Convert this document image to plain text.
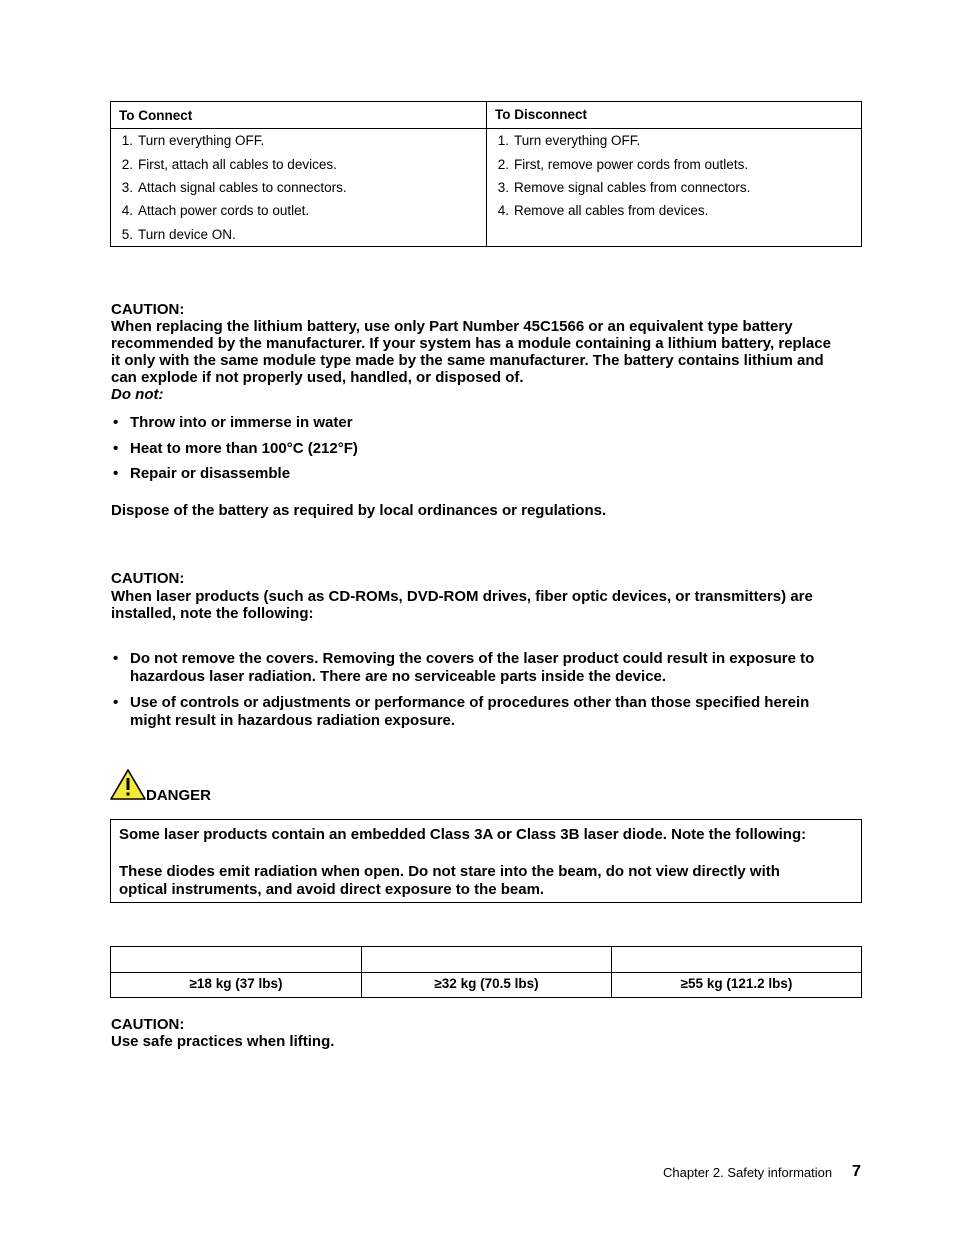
To Connect
1. Turn everything OFF.
2. First, attach all cables to devices.
3. Attach signal cables to connectors.
4. Attach power cords to outlet.
5. Turn device ON.
To Disconnect
1. Turn everything OFF.
2. First, remove power cords from outlets.
3. Remove signal cables from connectors.
4. Remove all cables from devices.
CAUTION:
When replacing the lithium battery, use only Part Number 45C1566 or an equivalent type battery
recommended by the manufacturer. If your system has a module containing a lithium battery, replace
it only with the same module type made by the same manufacturer. The battery contains lithium and
can explode if not properly used, handled, or disposed of.
Do not:
• Throw into or immerse in water
• Heat to more than 100°C (212°F)
• Repair or disassemble
Dispose of the battery as required by local ordinances or regulations.
CAUTION:
When laser products (such as CD-ROMs, DVD-ROM drives, fiber optic devices, or transmitters) are
installed, note the following:
• Do not remove the covers. Removing the covers of the laser product could result in exposure to
hazardous laser radiation. There are no serviceable parts inside the device.
• Use of controls or adjustments or performance of procedures other than those specified herein
might result in hazardous radiation exposure.
DANGER

Some laser products contain an embedded Class 3A or Class 3B laser diode. Note the following:

These diodes emit radiation when open. Do not stare into the beam, do not view directly with

optical instruments, and avoid direct exposure to the beam.

≥18 kg (37 lbs)	≥32 kg (70.5 lbs)	≥55 kg (121.2 lbs)
CAUTION:
Use safe practices when lifting.
Chapter 2. Safety information 7
